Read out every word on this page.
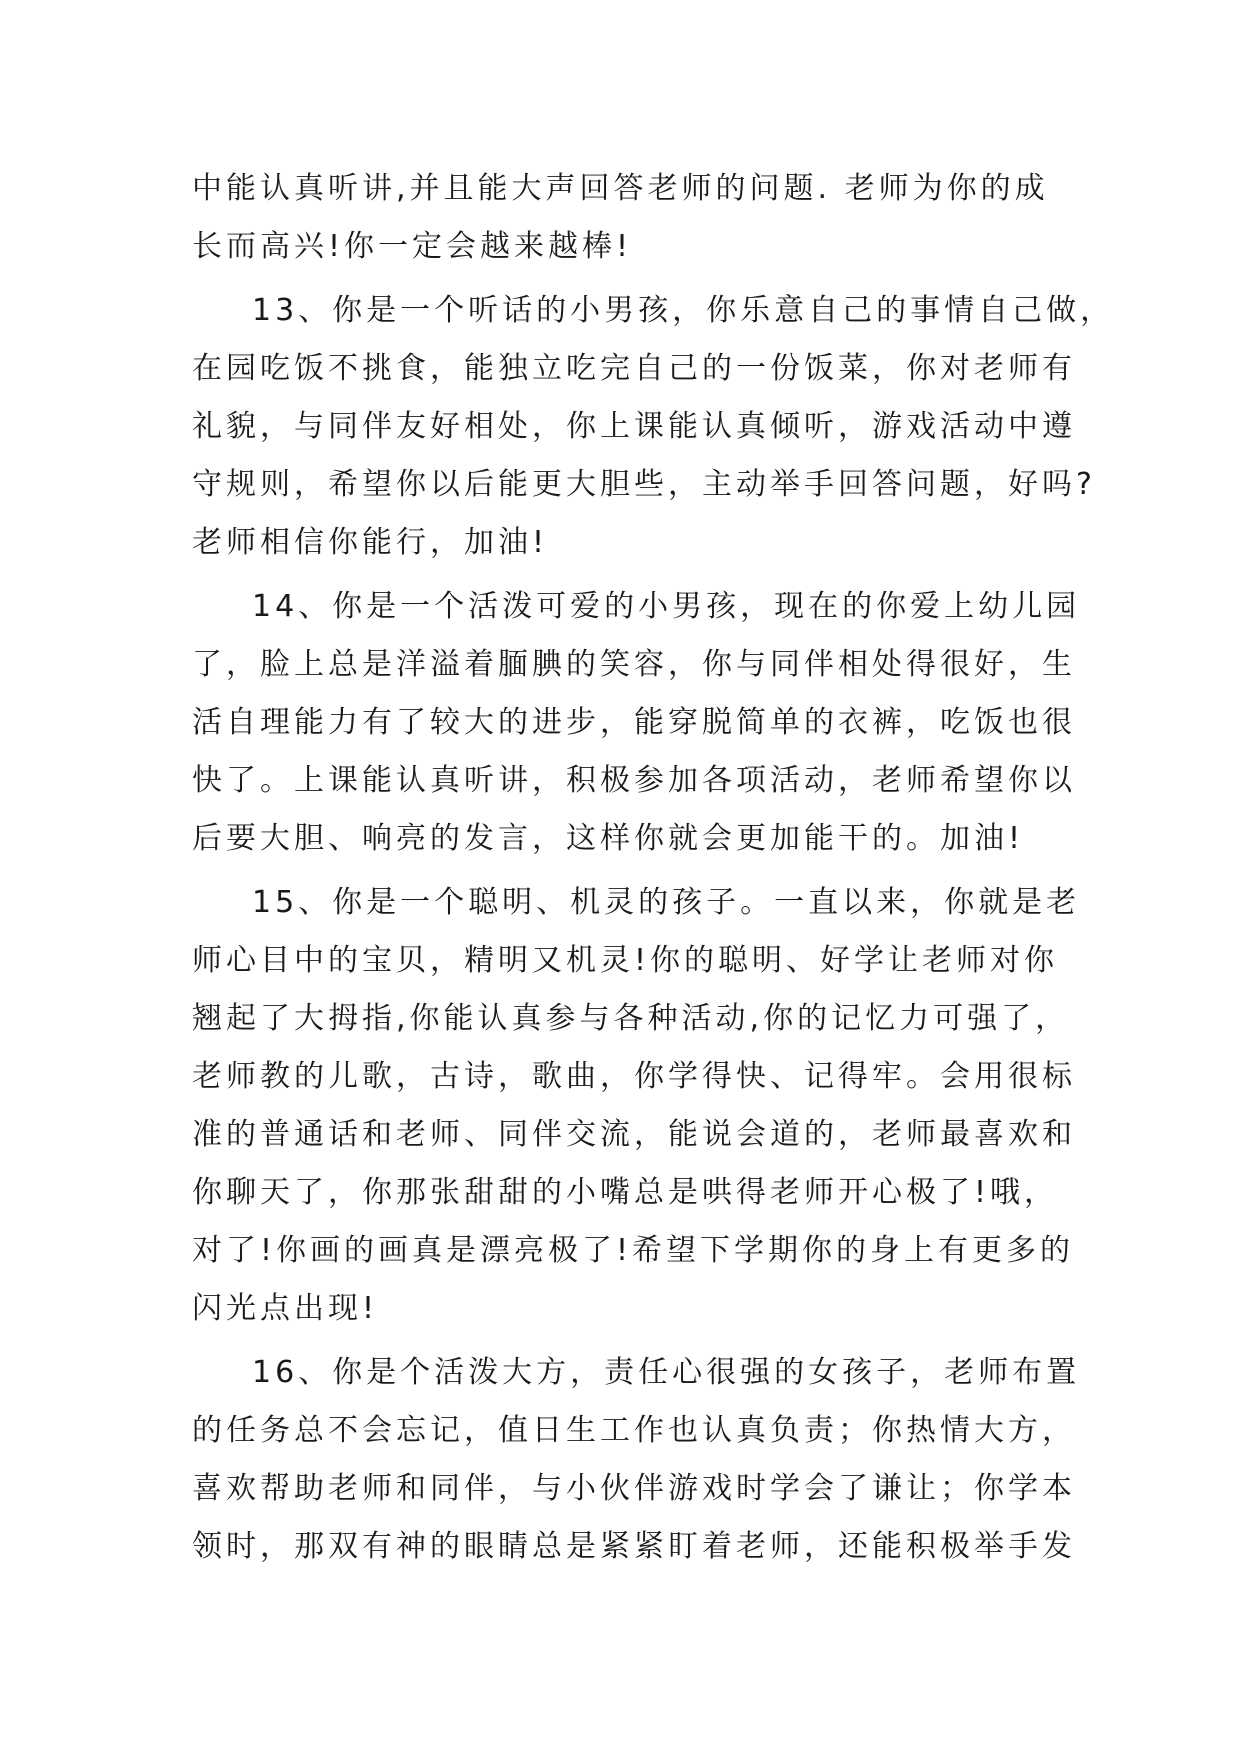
中能认真听讲,并且能大声回答老师的问题. 老师为你的成
长而高兴!你一定会越来越棒!
13、你是一个听话的小男孩，你乐意自己的事情自己做，
在园吃饭不挑食，能独立吃完自己的一份饭菜，你对老师有
礼貌，与同伴友好相处，你上课能认真倾听，游戏活动中遵
守规则，希望你以后能更大胆些，主动举手回答问题，好吗?
老师相信你能行，加油!
14、你是一个活泼可爱的小男孩，现在的你爱上幼儿园
了，脸上总是洋溢着腼腆的笑容，你与同伴相处得很好，生
活自理能力有了较大的进步，能穿脱简单的衣裤，吃饭也很
快了。上课能认真听讲，积极参加各项活动，老师希望你以
后要大胆、响亮的发言，这样你就会更加能干的。加油!
15、你是一个聪明、机灵的孩子。一直以来，你就是老
师心目中的宝贝，精明又机灵!你的聪明、好学让老师对你
翘起了大拇指,你能认真参与各种活动,你的记忆力可强了，
老师教的儿歌，古诗，歌曲，你学得快、记得牢。会用很标
准的普通话和老师、同伴交流，能说会道的，老师最喜欢和
你聊天了，你那张甜甜的小嘴总是哄得老师开心极了!哦，
对了!你画的画真是漂亮极了!希望下学期你的身上有更多的
闪光点出现!
16、你是个活泼大方，责任心很强的女孩子，老师布置
的任务总不会忘记，值日生工作也认真负责；你热情大方，
喜欢帮助老师和同伴，与小伙伴游戏时学会了谦让；你学本
领时，那双有神的眼睛总是紧紧盯着老师，还能积极举手发
